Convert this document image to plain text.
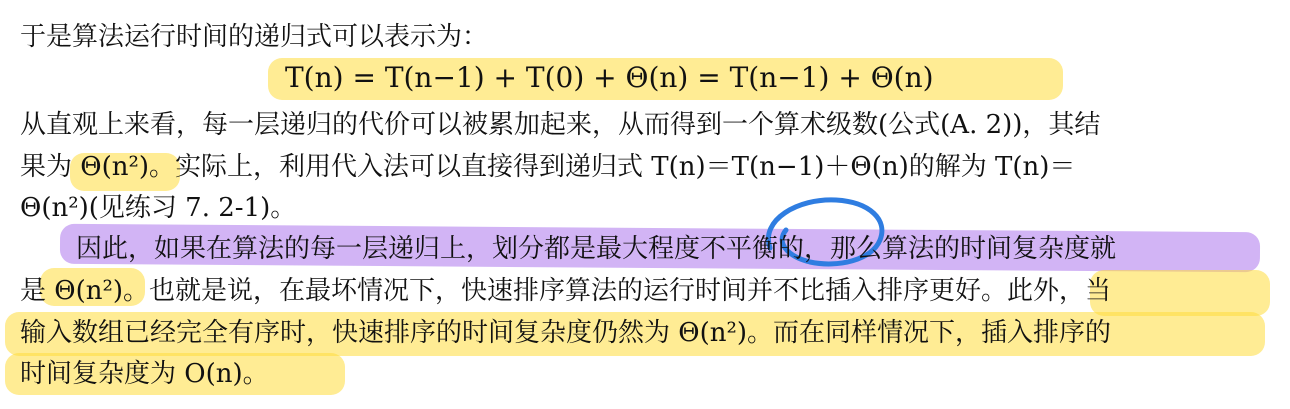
于是算法运行时间的递归式可以表示为：
T(n) = T(n−1) + T(0) + Θ(n) = T(n−1) + Θ(n)
从直观上来看，每一层递归的代价可以被累加起来，从而得到一个算术级数(公式(A. 2))，其结
果为 Θ(n²)。实际上，利用代入法可以直接得到递归式 T(n)＝T(n−1)＋Θ(n)的解为 T(n)＝
Θ(n²)(见练习 7. 2-1)。
因此，如果在算法的每一层递归上，划分都是最大程度不平衡的，那么算法的时间复杂度就
是 Θ(n²)。也就是说，在最坏情况下，快速排序算法的运行时间并不比插入排序更好。此外，当
输入数组已经完全有序时，快速排序的时间复杂度仍然为 Θ(n²)。而在同样情况下，插入排序的
时间复杂度为 O(n)。
